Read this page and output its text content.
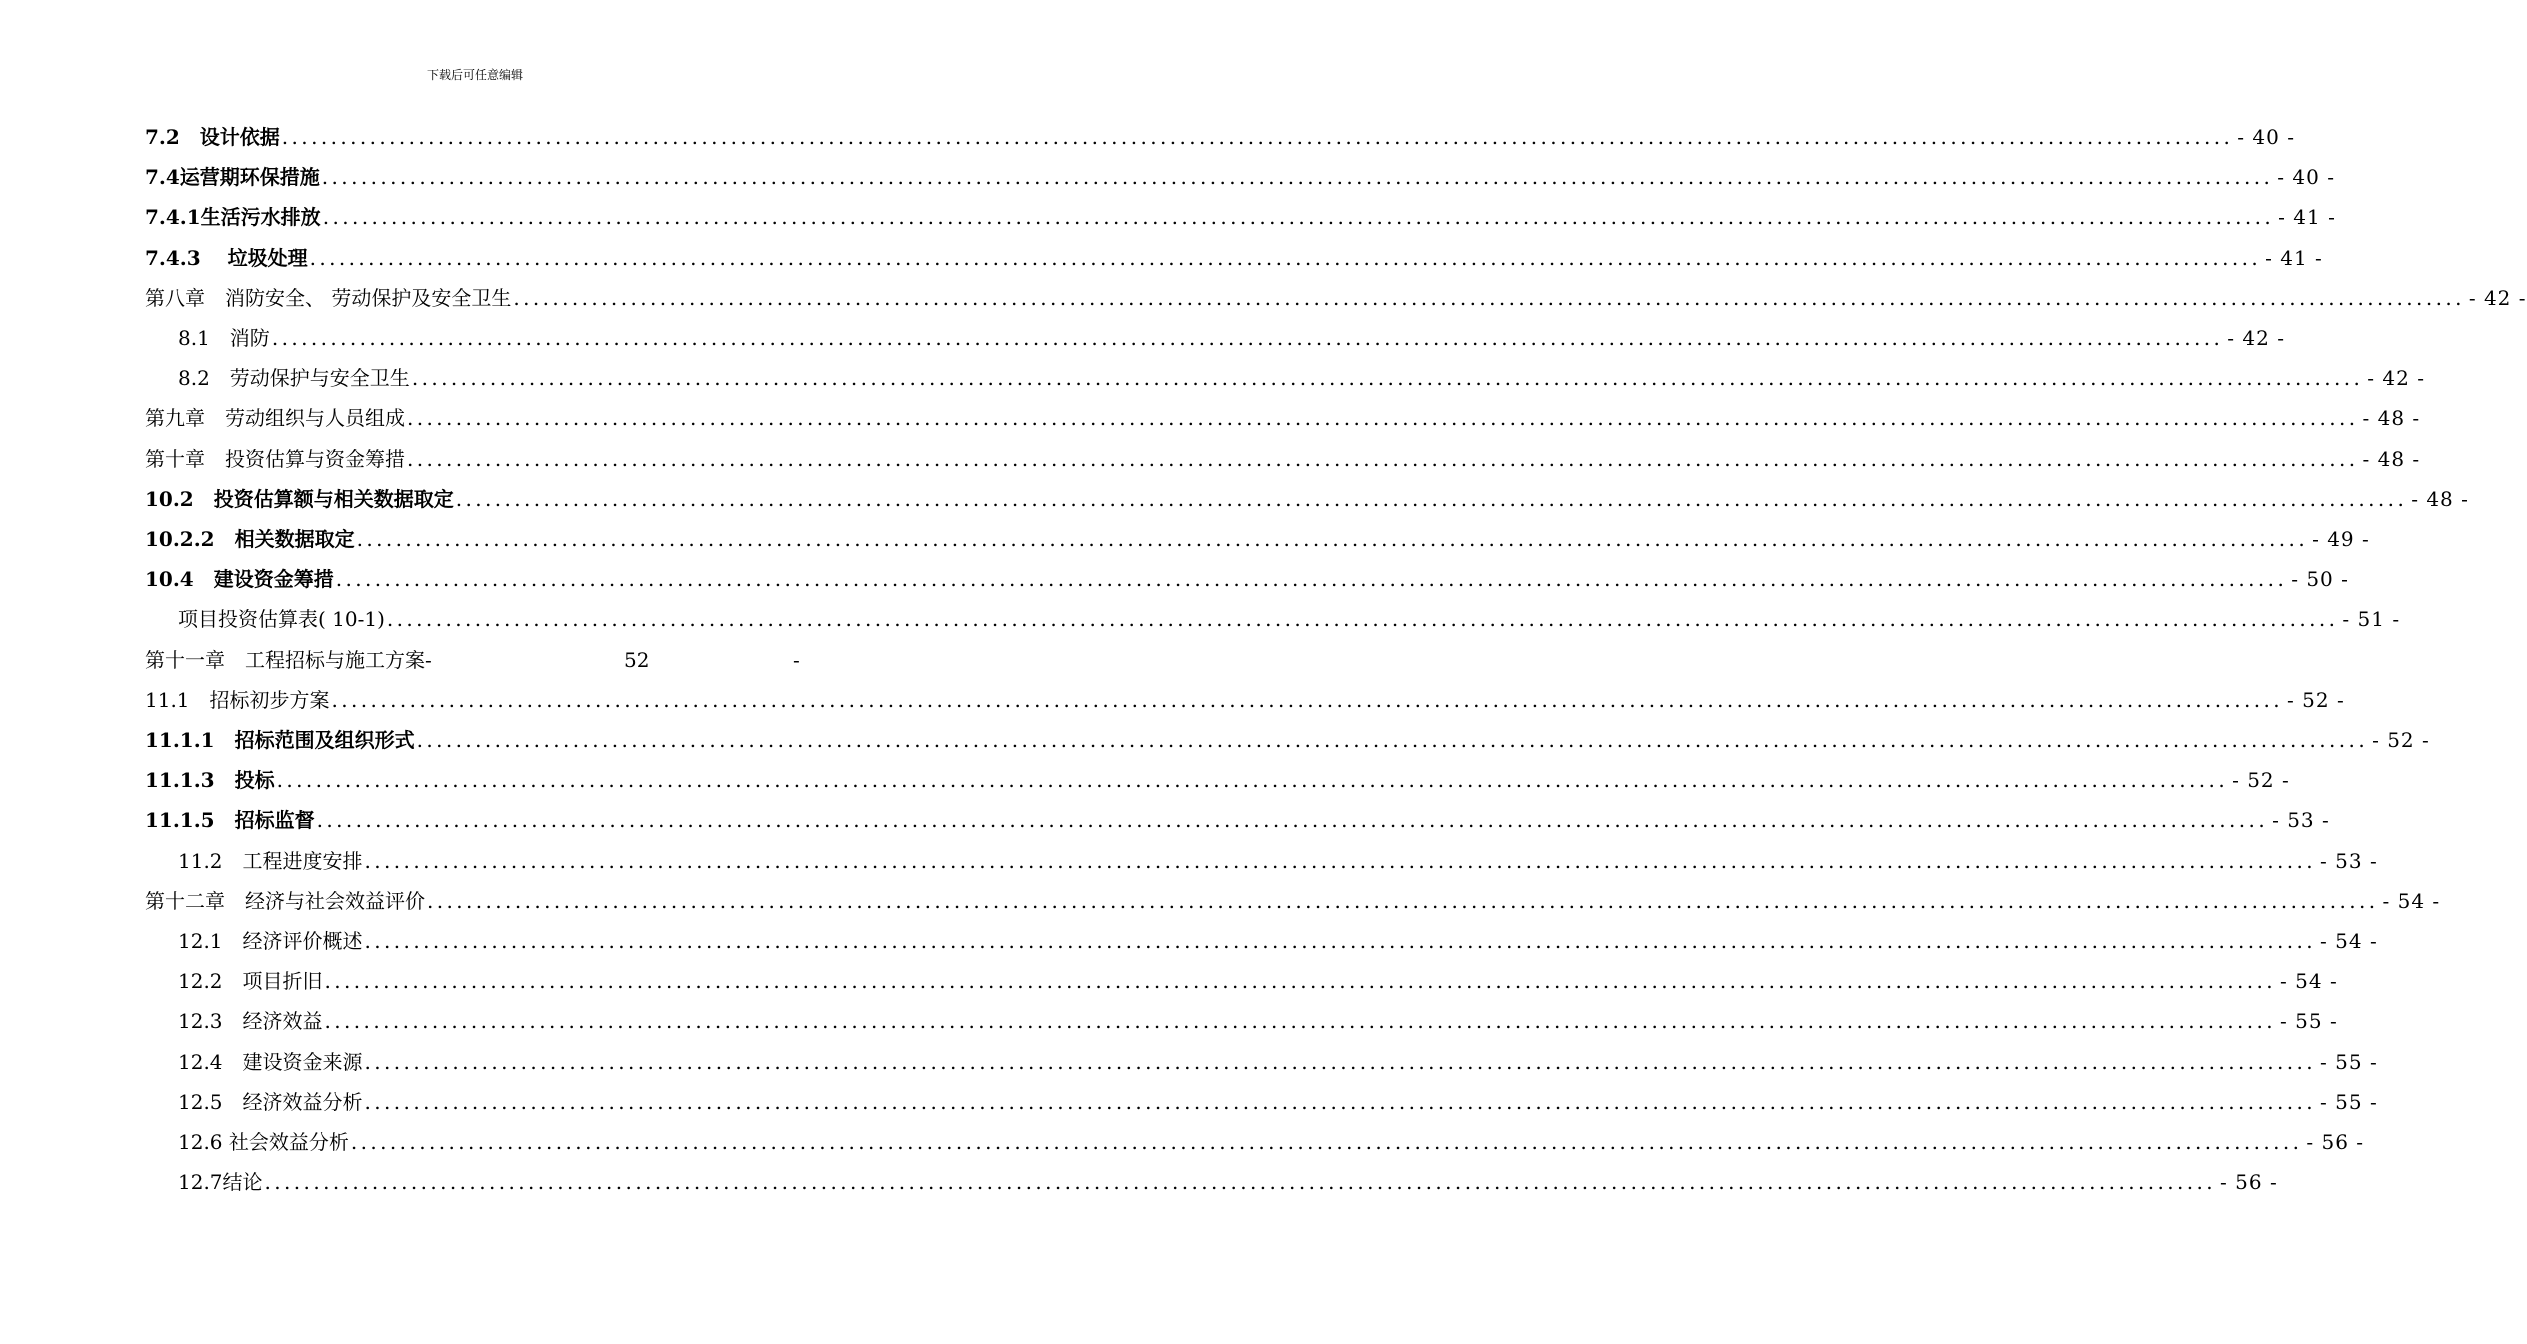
下载后可任意编辑
7.2　设计依据 ........................................................................................................................................................................................................ - 40 -
7.4运营期环保措施 ........................................................................................................................................................................................................ - 40 -
7.4.1生活污水排放 ........................................................................................................................................................................................................ - 41 -
7.4.3　 垃圾处理 ........................................................................................................................................................................................................ - 41 -
第八章　消防安全、 劳动保护及安全卫生 ........................................................................................................................................................................................................ - 42 -
8.1　消防 ........................................................................................................................................................................................................ - 42 -
8.2　劳动保护与安全卫生 ........................................................................................................................................................................................................ - 42 -
第九章　劳动组织与人员组成 ........................................................................................................................................................................................................ - 48 -
第十章　投资估算与资金筹措 ........................................................................................................................................................................................................ - 48 -
10.2　投资估算额与相关数据取定 ........................................................................................................................................................................................................ - 48 -
10.2.2　相关数据取定 ........................................................................................................................................................................................................ - 49 -
10.4　建设资金筹措 ........................................................................................................................................................................................................ - 50 -
项目投资估算表( 10-1) ........................................................................................................................................................................................................ - 51 -
第十一章　工程招标与施工方案-	52	-
11.1　招标初步方案 ........................................................................................................................................................................................................ - 52 -
11.1.1　招标范围及组织形式 ........................................................................................................................................................................................................ - 52 -
11.1.3　投标 ........................................................................................................................................................................................................ - 52 -
11.1.5　招标监督 ........................................................................................................................................................................................................ - 53 -
11.2　工程进度安排 ........................................................................................................................................................................................................ - 53 -
第十二章　经济与社会效益评价 ........................................................................................................................................................................................................ - 54 -
12.1　经济评价概述 ........................................................................................................................................................................................................ - 54 -
12.2　项目折旧 ........................................................................................................................................................................................................ - 54 -
12.3　经济效益 ........................................................................................................................................................................................................ - 55 -
12.4　建设资金来源 ........................................................................................................................................................................................................ - 55 -
12.5　经济效益分析 ........................................................................................................................................................................................................ - 55 -
12.6 社会效益分析 ........................................................................................................................................................................................................ - 56 -
12.7结论 ........................................................................................................................................................................................................ - 56 -
